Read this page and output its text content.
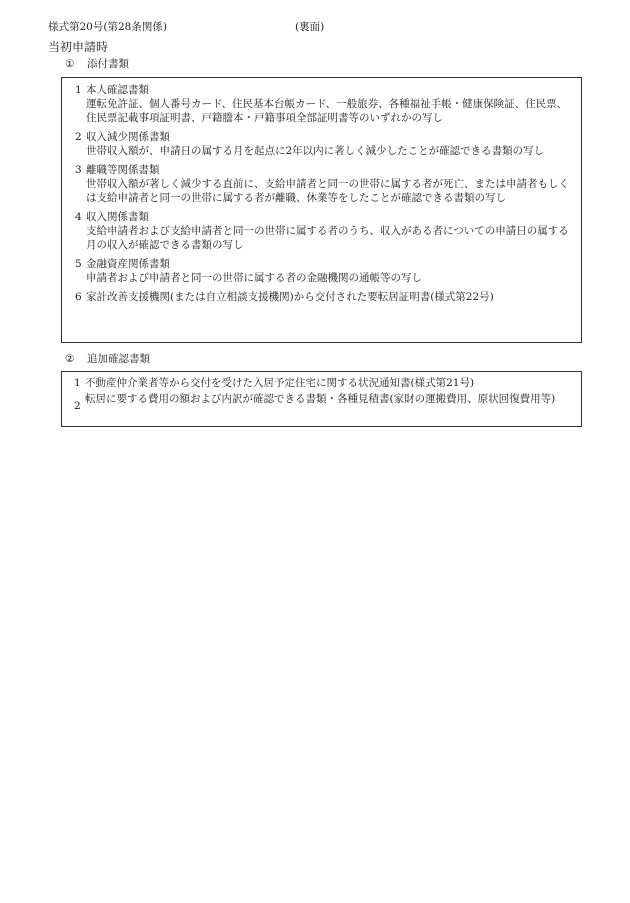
様式第20号(第28条関係)	(裏面)
当初申請時
① 添付書類
1 本人確認書類
運転免許証、個人番号カード、住民基本台帳カード、一般旅券、各種福祉手帳・健康保険証、住民票、住民票記載事項証明書、戸籍謄本・戸籍事項全部証明書等のいずれかの写し
2 収入減少関係書類
世帯収入額が、申請日の属する月を起点に2年以内に著しく減少したことが確認できる書類の写し
3 離職等関係書類
世帯収入額が著しく減少する直前に、支給申請者と同一の世帯に属する者が死亡、または申請者もしくは支給申請者と同一の世帯に属する者が離職、休業等をしたことが確認できる書類の写し
4 収入関係書類
支給申請者および支給申請者と同一の世帯に属する者のうち、収入がある者についての申請日の属する月の収入が確認できる書類の写し
5 金融資産関係書類
申請者および申請者と同一の世帯に属する者の金融機関の通帳等の写し
6 家計改善支援機関(または自立相談支援機関)から交付された要転居証明書(様式第22号)
② 追加確認書類
1 不動産仲介業者等から交付を受けた入居予定住宅に関する状況通知書(様式第21号)
2
転居に要する費用の額および内訳が確認できる書類・各種見積書(家財の運搬費用、原状回復費用等)
